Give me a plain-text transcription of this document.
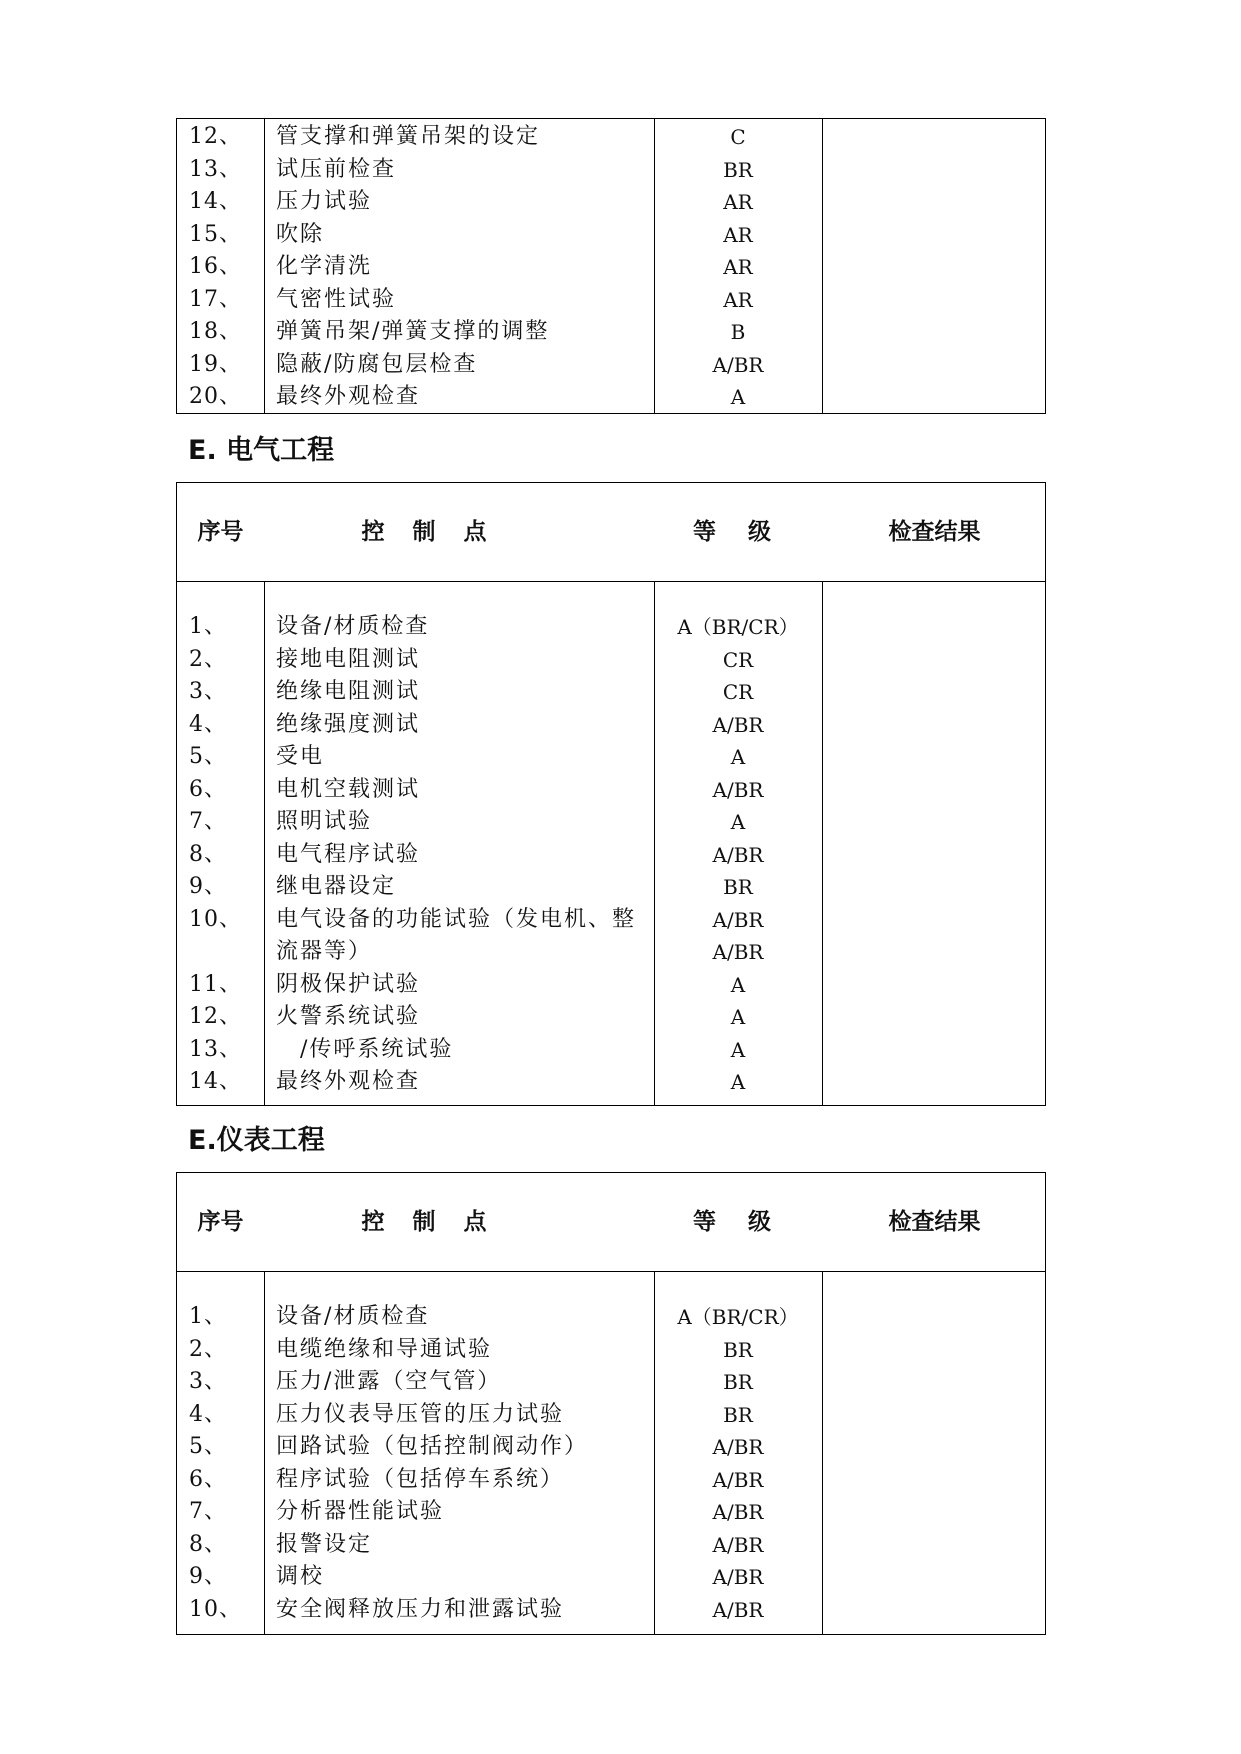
12、 管支撑和弹簧吊架的设定	C
13、 试压前检查	BR
14、 压力试验	AR
15、 吹除	AR
16、 化学清洗	AR
17、 气密性试验	AR
18、 弹簧吊架/弹簧支撑的调整	B
19、 隐蔽/防腐包层检查	A/BR
20、 最终外观检查	A
E. 电气工程
序号	控 制 点	等 级	检查结果
1、 设备/材质检查	A（BR/CR）
2、 接地电阻测试	CR
3、 绝缘电阻测试	CR
4、 绝缘强度测试	A/BR
5、 受电	A
6、 电机空载测试	A/BR
7、 照明试验	A
8、 电气程序试验	A/BR
9、 继电器设定	BR
10、 电气设备的功能试验（发电机、整	A/BR
流器等）	A/BR
11、 阴极保护试验	A
12、 火警系统试验	A
13、 　/传呼系统试验	A
14、 最终外观检查	A
E.仪表工程
序号	控 制 点	等 级	检查结果
1、 设备/材质检查	A（BR/CR）
2、 电缆绝缘和导通试验	BR
3、 压力/泄露（空气管）	BR
4、 压力仪表导压管的压力试验	BR
5、 回路试验（包括控制阀动作）	A/BR
6、 程序试验（包括停车系统）	A/BR
7、 分析器性能试验	A/BR
8、 报警设定	A/BR
9、 调校	A/BR
10、 安全阀释放压力和泄露试验	A/BR
